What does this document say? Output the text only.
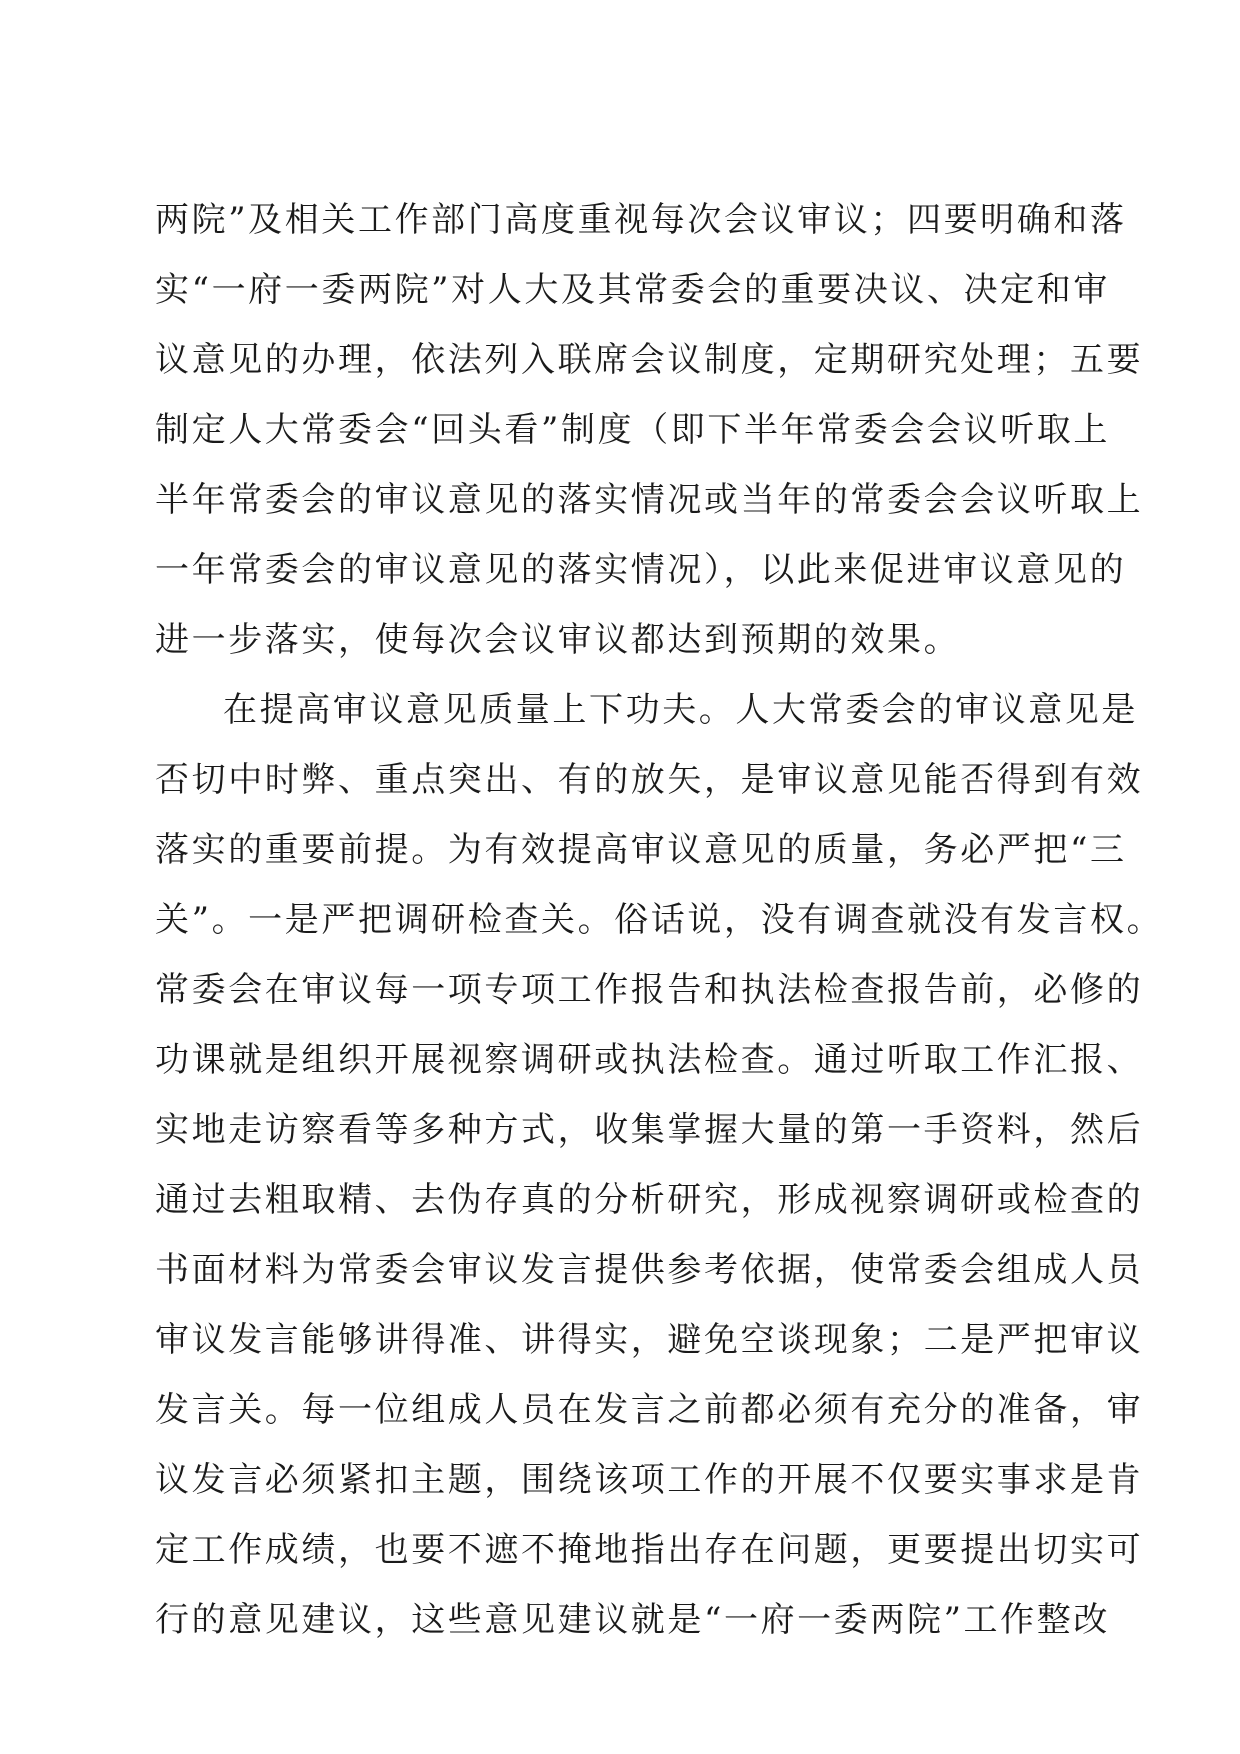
两院”及相关工作部门高度重视每次会议审议；四要明确和落
实“一府一委两院”对人大及其常委会的重要决议、决定和审
议意见的办理，依法列入联席会议制度，定期研究处理；五要
制定人大常委会“回头看”制度（即下半年常委会会议听取上
半年常委会的审议意见的落实情况或当年的常委会会议听取上
一年常委会的审议意见的落实情况），以此来促进审议意见的
进一步落实，使每次会议审议都达到预期的效果。
在提高审议意见质量上下功夫。人大常委会的审议意见是
否切中时弊、重点突出、有的放矢，是审议意见能否得到有效
落实的重要前提。为有效提高审议意见的质量，务必严把“三
关”。一是严把调研检查关。俗话说，没有调查就没有发言权。
常委会在审议每一项专项工作报告和执法检查报告前，必修的
功课就是组织开展视察调研或执法检查。通过听取工作汇报、
实地走访察看等多种方式，收集掌握大量的第一手资料，然后
通过去粗取精、去伪存真的分析研究，形成视察调研或检查的
书面材料为常委会审议发言提供参考依据，使常委会组成人员
审议发言能够讲得准、讲得实，避免空谈现象；二是严把审议
发言关。每一位组成人员在发言之前都必须有充分的准备，审
议发言必须紧扣主题，围绕该项工作的开展不仅要实事求是肯
定工作成绩，也要不遮不掩地指出存在问题，更要提出切实可
行的意见建议，这些意见建议就是“一府一委两院”工作整改
